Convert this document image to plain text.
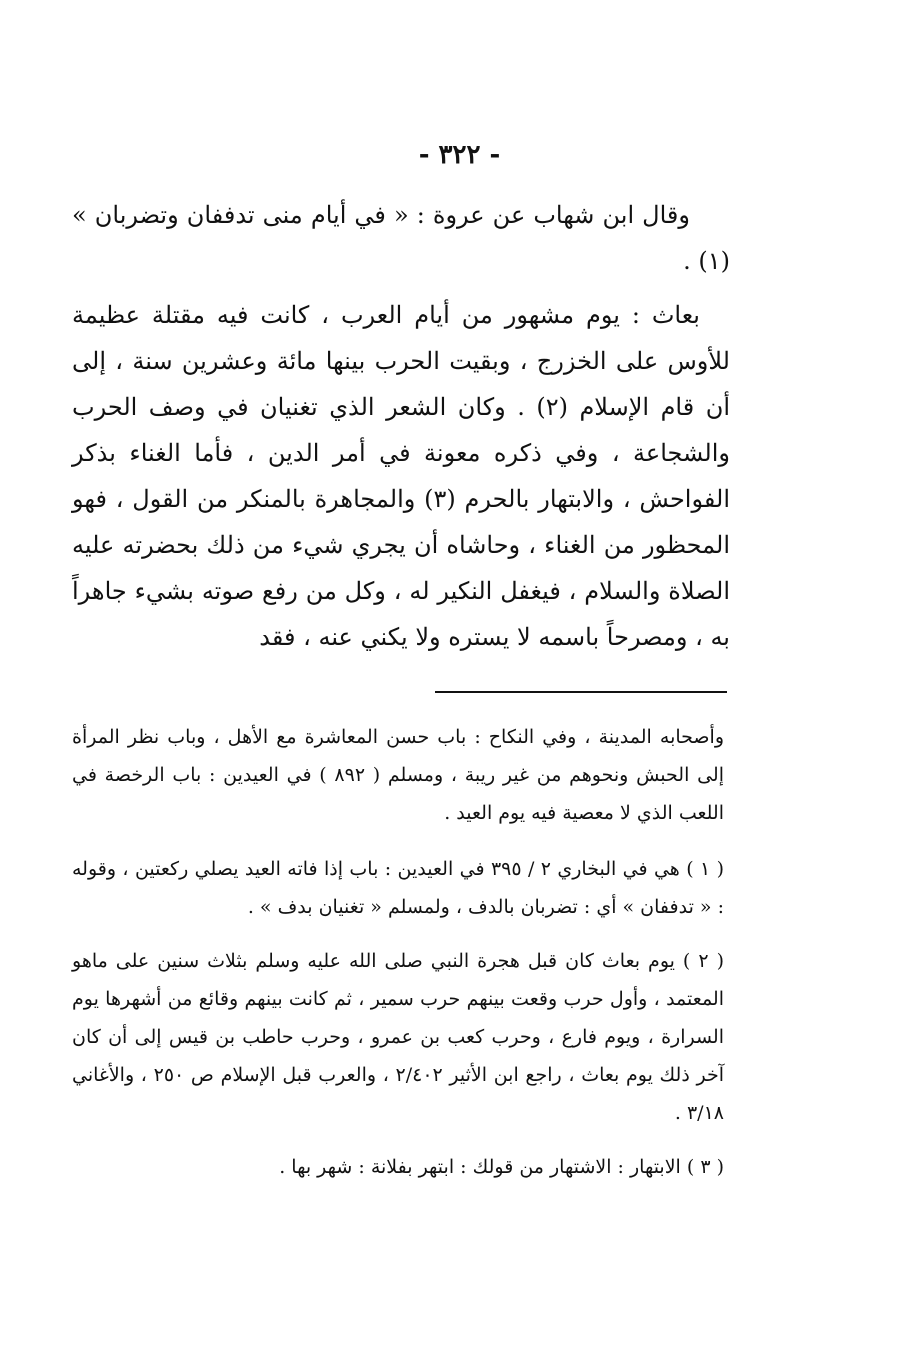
- ٣٢٢ -

وقال ابن شهاب عن عروة : « في أيام منى تدففان وتضربان » (١) .

بعاث : يوم مشهور من أيام العرب ، كانت فيه مقتلة عظيمة للأوس على الخزرج ، وبقيت الحرب بينها مائة وعشرين سنة ، إلى أن قام الإسلام (٢) . وكان الشعر الذي تغنيان في وصف الحرب والشجاعة ، وفي ذكره معونة في أمر الدين ، فأما الغناء بذكر الفواحش ، والابتهار بالحرم (٣) والمجاهرة بالمنكر من القول ، فهو المحظور من الغناء ، وحاشاه أن يجري شيء من ذلك بحضرته عليه الصلاة والسلام ، فيغفل النكير له ، وكل من رفع صوته بشيء جاهراً به ، ومصرحاً باسمه لا يستره ولا يكني عنه ، فقد

وأصحابه المدينة ، وفي النكاح : باب حسن المعاشرة مع الأهل ، وباب نظر المرأة إلى الحبش ونحوهم من غير ريبة ، ومسلم ( ٨٩٢ ) في العيدين : باب الرخصة في اللعب الذي لا معصية فيه يوم العيد .

( ١ ) هي في البخاري ٢ / ٣٩٥ في العيدين : باب إذا فاته العيد يصلي ركعتين ، وقوله : « تدففان » أي : تضربان بالدف ، ولمسلم « تغنيان بدف » .

( ٢ ) يوم بعاث كان قبل هجرة النبي صلى الله عليه وسلم بثلاث سنين على ماهو المعتمد ، وأول حرب وقعت بينهم حرب سمير ، ثم كانت بينهم وقائع من أشهرها يوم السرارة ، ويوم فارع ، وحرب كعب بن عمرو ، وحرب حاطب بن قيس إلى أن كان آخر ذلك يوم بعاث ، راجع ابن الأثير ٢/٤٠٢ ، والعرب قبل الإسلام ص ٢٥٠ ، والأغاني ٣/١٨ .

( ٣ ) الابتهار : الاشتهار من قولك : ابتهر بفلانة : شهر بها .
